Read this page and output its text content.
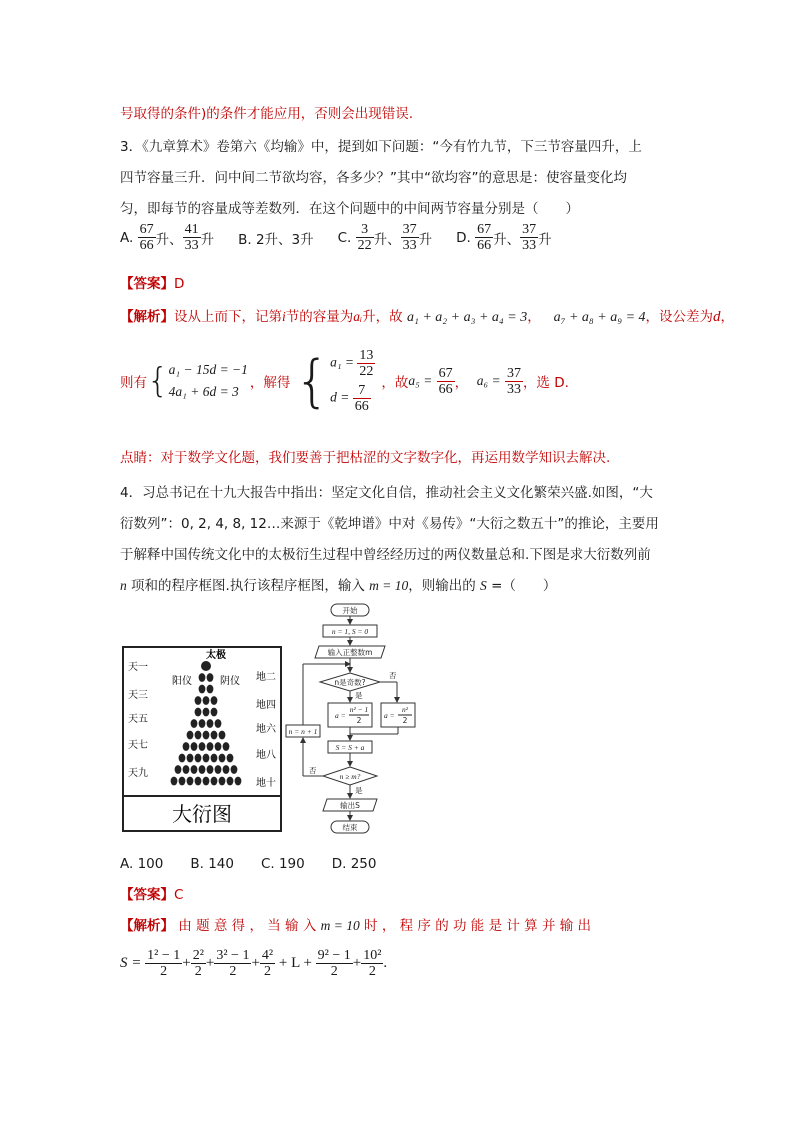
号取得的条件)的条件才能应用，否则会出现错误.
3．《九章算术》卷第六《均输》中，提到如下问题：“今有竹九节，下三节容量四升，上
四节容量三升．问中间二节欲均容，各多少？”其中“欲均容”的意思是：使容量变化均
匀，即每节的容量成等差数列．在这个问题中的中间两节容量分别是（　　）
A.
$\frac{67}{66}$ 升 、 $\frac{41}{33}$ 升 B. 2升、3升 C.
$\frac{3}{22}$ 升 、 $\frac{37}{33}$ 升 D.
$\frac{67}{66}$ 升 、 $\frac{37}{33}$ 升
【答案】D
【解析】设从上而下，记第i节的容量为aᵢ升，故 a₁ + a₂ + a₃ + a₄ = 3，   a₇ + a₈ + a₉ = 4，设公差为d，
则有 { a₁ − 15d = −1
4a₁ + 6d = 3
，解得 { $a_1 = \frac{13}{22}$
$d = \frac{7}{66}$ ，故 a₅ =
$\frac{67}{66}$ ， a₆ =
$\frac{37}{33}$ ，选 D.
点睛：对于数学文化题，我们要善于把枯涩的文字数字化，再运用数学知识去解决.
4．习总书记在十九大报告中指出：坚定文化自信，推动社会主义文化繁荣兴盛.如图，“大
衍数列”：0, 2, 4, 8, 12…来源于《乾坤谱》中对《易传》“大衍之数五十”的推论，主要用
于解释中国传统文化中的太极衍生过程中曾经经历过的两仪数量总和.下图是求大衍数列前
n 项和的程序框图.执行该程序框图，输入 m = 10，则输出的 S =（　　）
太极
阳仪	阴仪
天一
天三
天五
天七
天九
地二
地四
地六
地八
地十
大衍图
开始
n = 1, S = 0
输入正整数m
n是奇数?
是
否
a =
n² − 1
2
a =
n²
2
S = S + a
n ≥ m?
否
n = n + 1
是
输出S
结束
A. 100　　B. 140　　C. 190　　D. 250
【答案】C
【解析】 由 题 意 得 ， 当 输 入 m = 10 时 ， 程 序 的 功 能 是 计 算 并 输 出
S =
$\frac{\text{1² − 1}}{2} + \frac{\text{2²}}{2} + \frac{\text{3² − 1}}{2} + \frac{\text{4²}}{2}$
+ L +
$\frac{\text{9² − 1}}{2} + \frac{\text{10²}}{2}$ .
